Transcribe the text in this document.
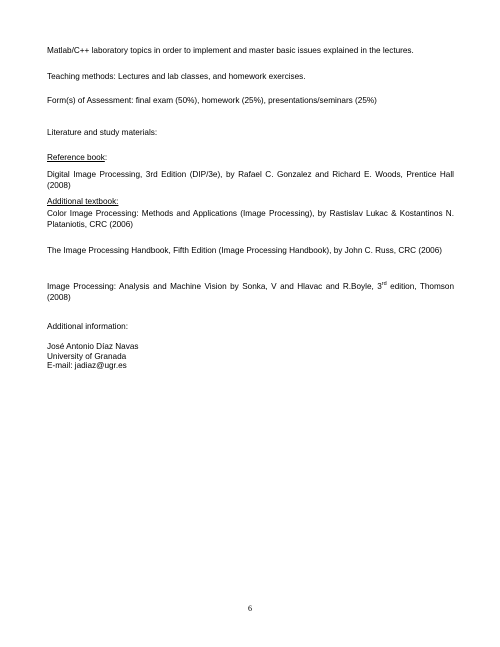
Matlab/C++ laboratory topics in order to implement and master basic issues explained in the lectures.

Teaching methods: Lectures and lab classes, and homework exercises.

Form(s) of Assessment: final exam (50%), homework (25%), presentations/seminars (25%)

Literature and study materials:

Reference book:

Digital Image Processing, 3rd Edition (DIP/3e), by Rafael C. Gonzalez and Richard E. Woods, Prentice Hall (2008)

Additional textbook:

Color Image Processing: Methods and Applications (Image Processing), by Rastislav Lukac & Kostantinos N. Plataniotis, CRC (2006)

The Image Processing Handbook, Fifth Edition (Image Processing Handbook), by John C. Russ, CRC (2006)

Image Processing: Analysis and Machine Vision by Sonka, V and Hlavac and R.Boyle, 3rd edition, Thomson (2008)

Additional information:

José Antonio Díaz Navas
University of Granada
E-mail: jadiaz@ugr.es
6
